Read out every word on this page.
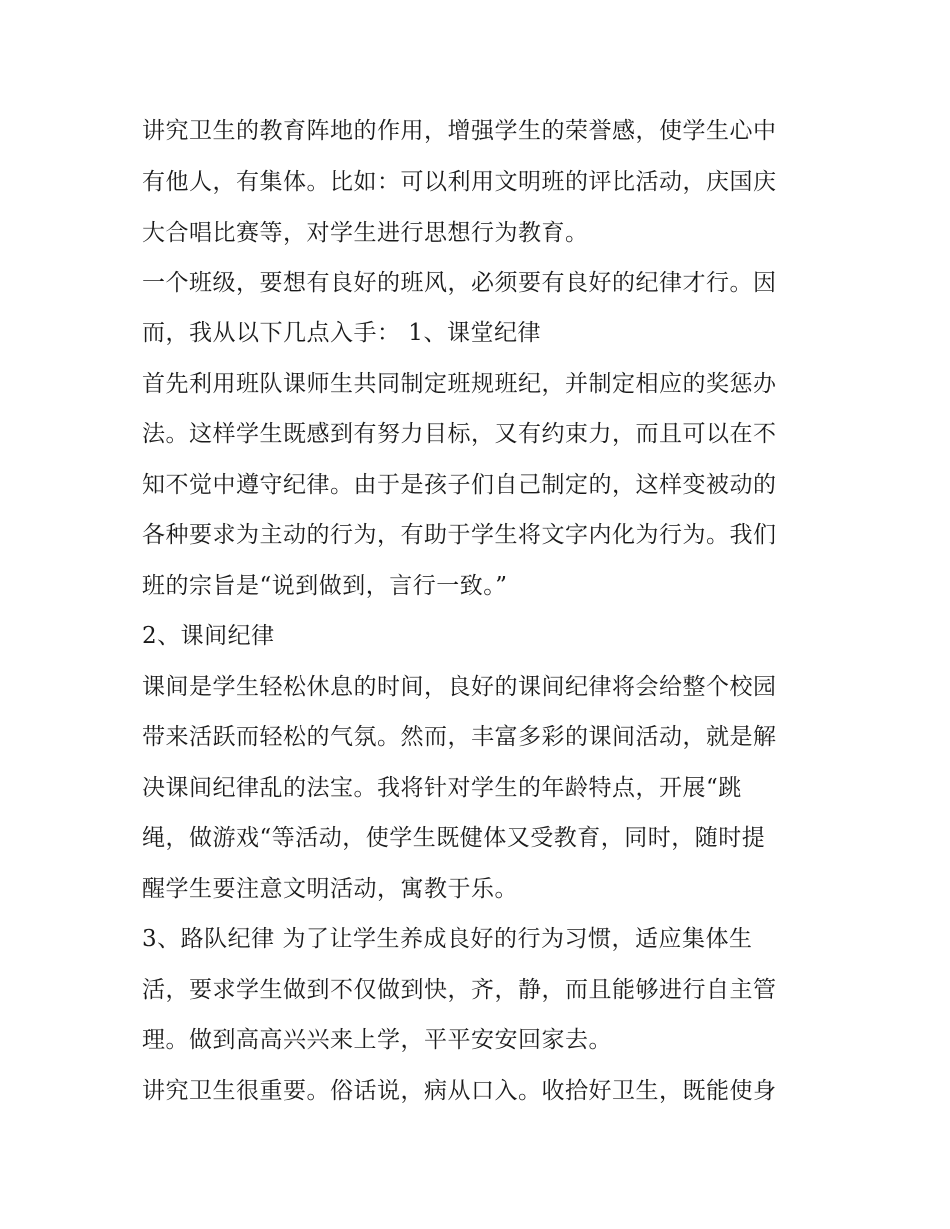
讲究卫生的教育阵地的作用，增强学生的荣誉感，使学生心中
有他人，有集体。比如：可以利用文明班的评比活动，庆国庆
大合唱比赛等，对学生进行思想行为教育。
一个班级，要想有良好的班风，必须要有良好的纪律才行。因
而，我从以下几点入手： 1、课堂纪律
首先利用班队课师生共同制定班规班纪，并制定相应的奖惩办
法。这样学生既感到有努力目标，又有约束力，而且可以在不
知不觉中遵守纪律。由于是孩子们自己制定的，这样变被动的
各种要求为主动的行为，有助于学生将文字内化为行为。我们
班的宗旨是“说到做到，言行一致。”
2、课间纪律
课间是学生轻松休息的时间，良好的课间纪律将会给整个校园
带来活跃而轻松的气氛。然而，丰富多彩的课间活动，就是解
决课间纪律乱的法宝。我将针对学生的年龄特点，开展“跳
绳，做游戏“等活动，使学生既健体又受教育，同时，随时提
醒学生要注意文明活动，寓教于乐。
3、路队纪律 为了让学生养成良好的行为习惯，适应集体生
活，要求学生做到不仅做到快，齐，静，而且能够进行自主管
理。做到高高兴兴来上学，平平安安回家去。
讲究卫生很重要。俗话说，病从口入。收拾好卫生，既能使身
